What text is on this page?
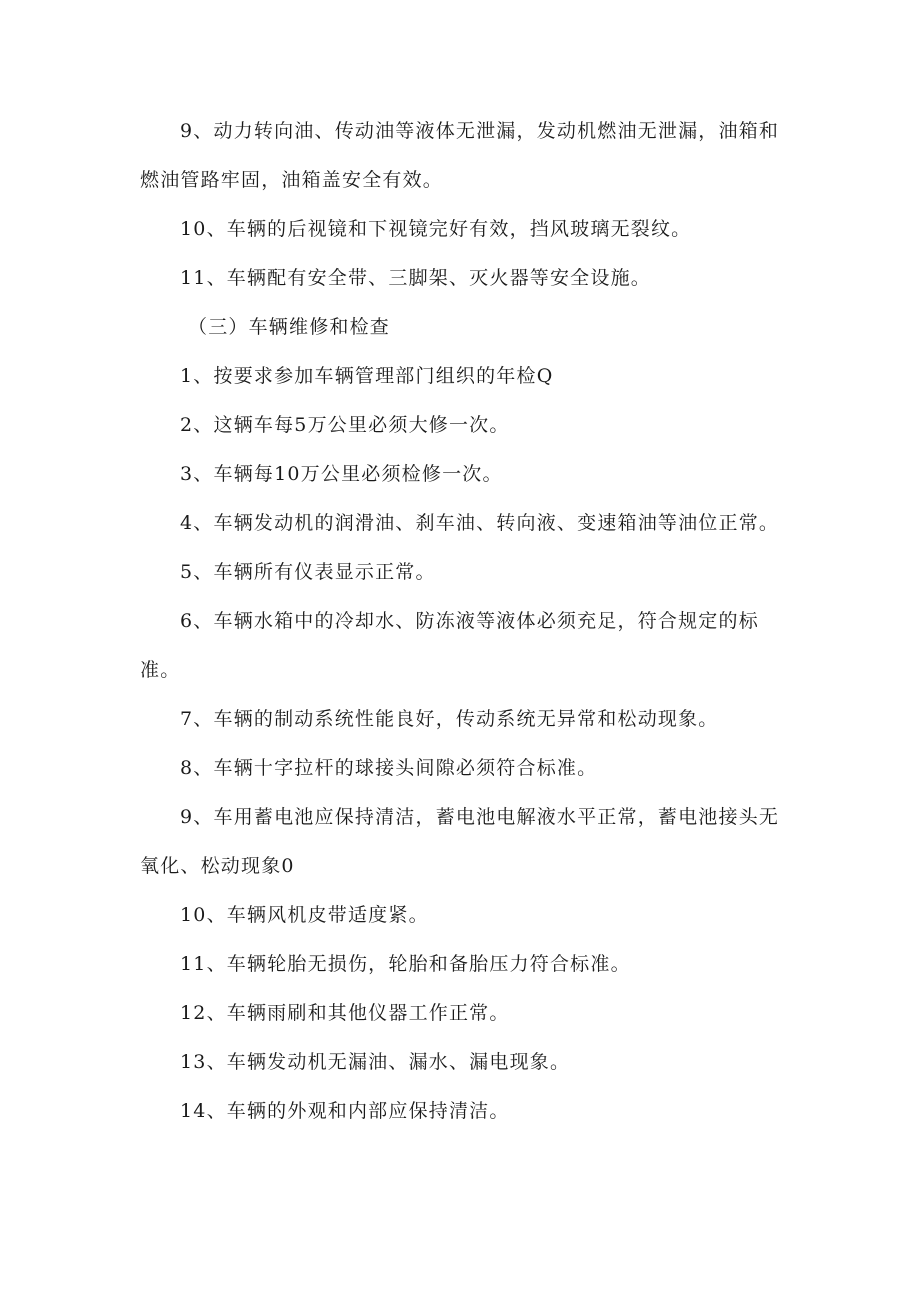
9、动力转向油、传动油等液体无泄漏，发动机燃油无泄漏，油箱和燃油管路牢固，油箱盖安全有效。

10、车辆的后视镜和下视镜完好有效，挡风玻璃无裂纹。

11、车辆配有安全带、三脚架、灭火器等安全设施。

（三）车辆维修和检查

1、按要求参加车辆管理部门组织的年检Q

2、这辆车每5万公里必须大修一次。

3、车辆每10万公里必须检修一次。

4、车辆发动机的润滑油、刹车油、转向液、变速箱油等油位正常。

5、车辆所有仪表显示正常。

6、车辆水箱中的冷却水、防冻液等液体必须充足，符合规定的标准。

7、车辆的制动系统性能良好，传动系统无异常和松动现象。

8、车辆十字拉杆的球接头间隙必须符合标准。

9、车用蓄电池应保持清洁，蓄电池电解液水平正常，蓄电池接头无氧化、松动现象0

10、车辆风机皮带适度紧。

11、车辆轮胎无损伤，轮胎和备胎压力符合标准。

12、车辆雨刷和其他仪器工作正常。

13、车辆发动机无漏油、漏水、漏电现象。

14、车辆的外观和内部应保持清洁。
